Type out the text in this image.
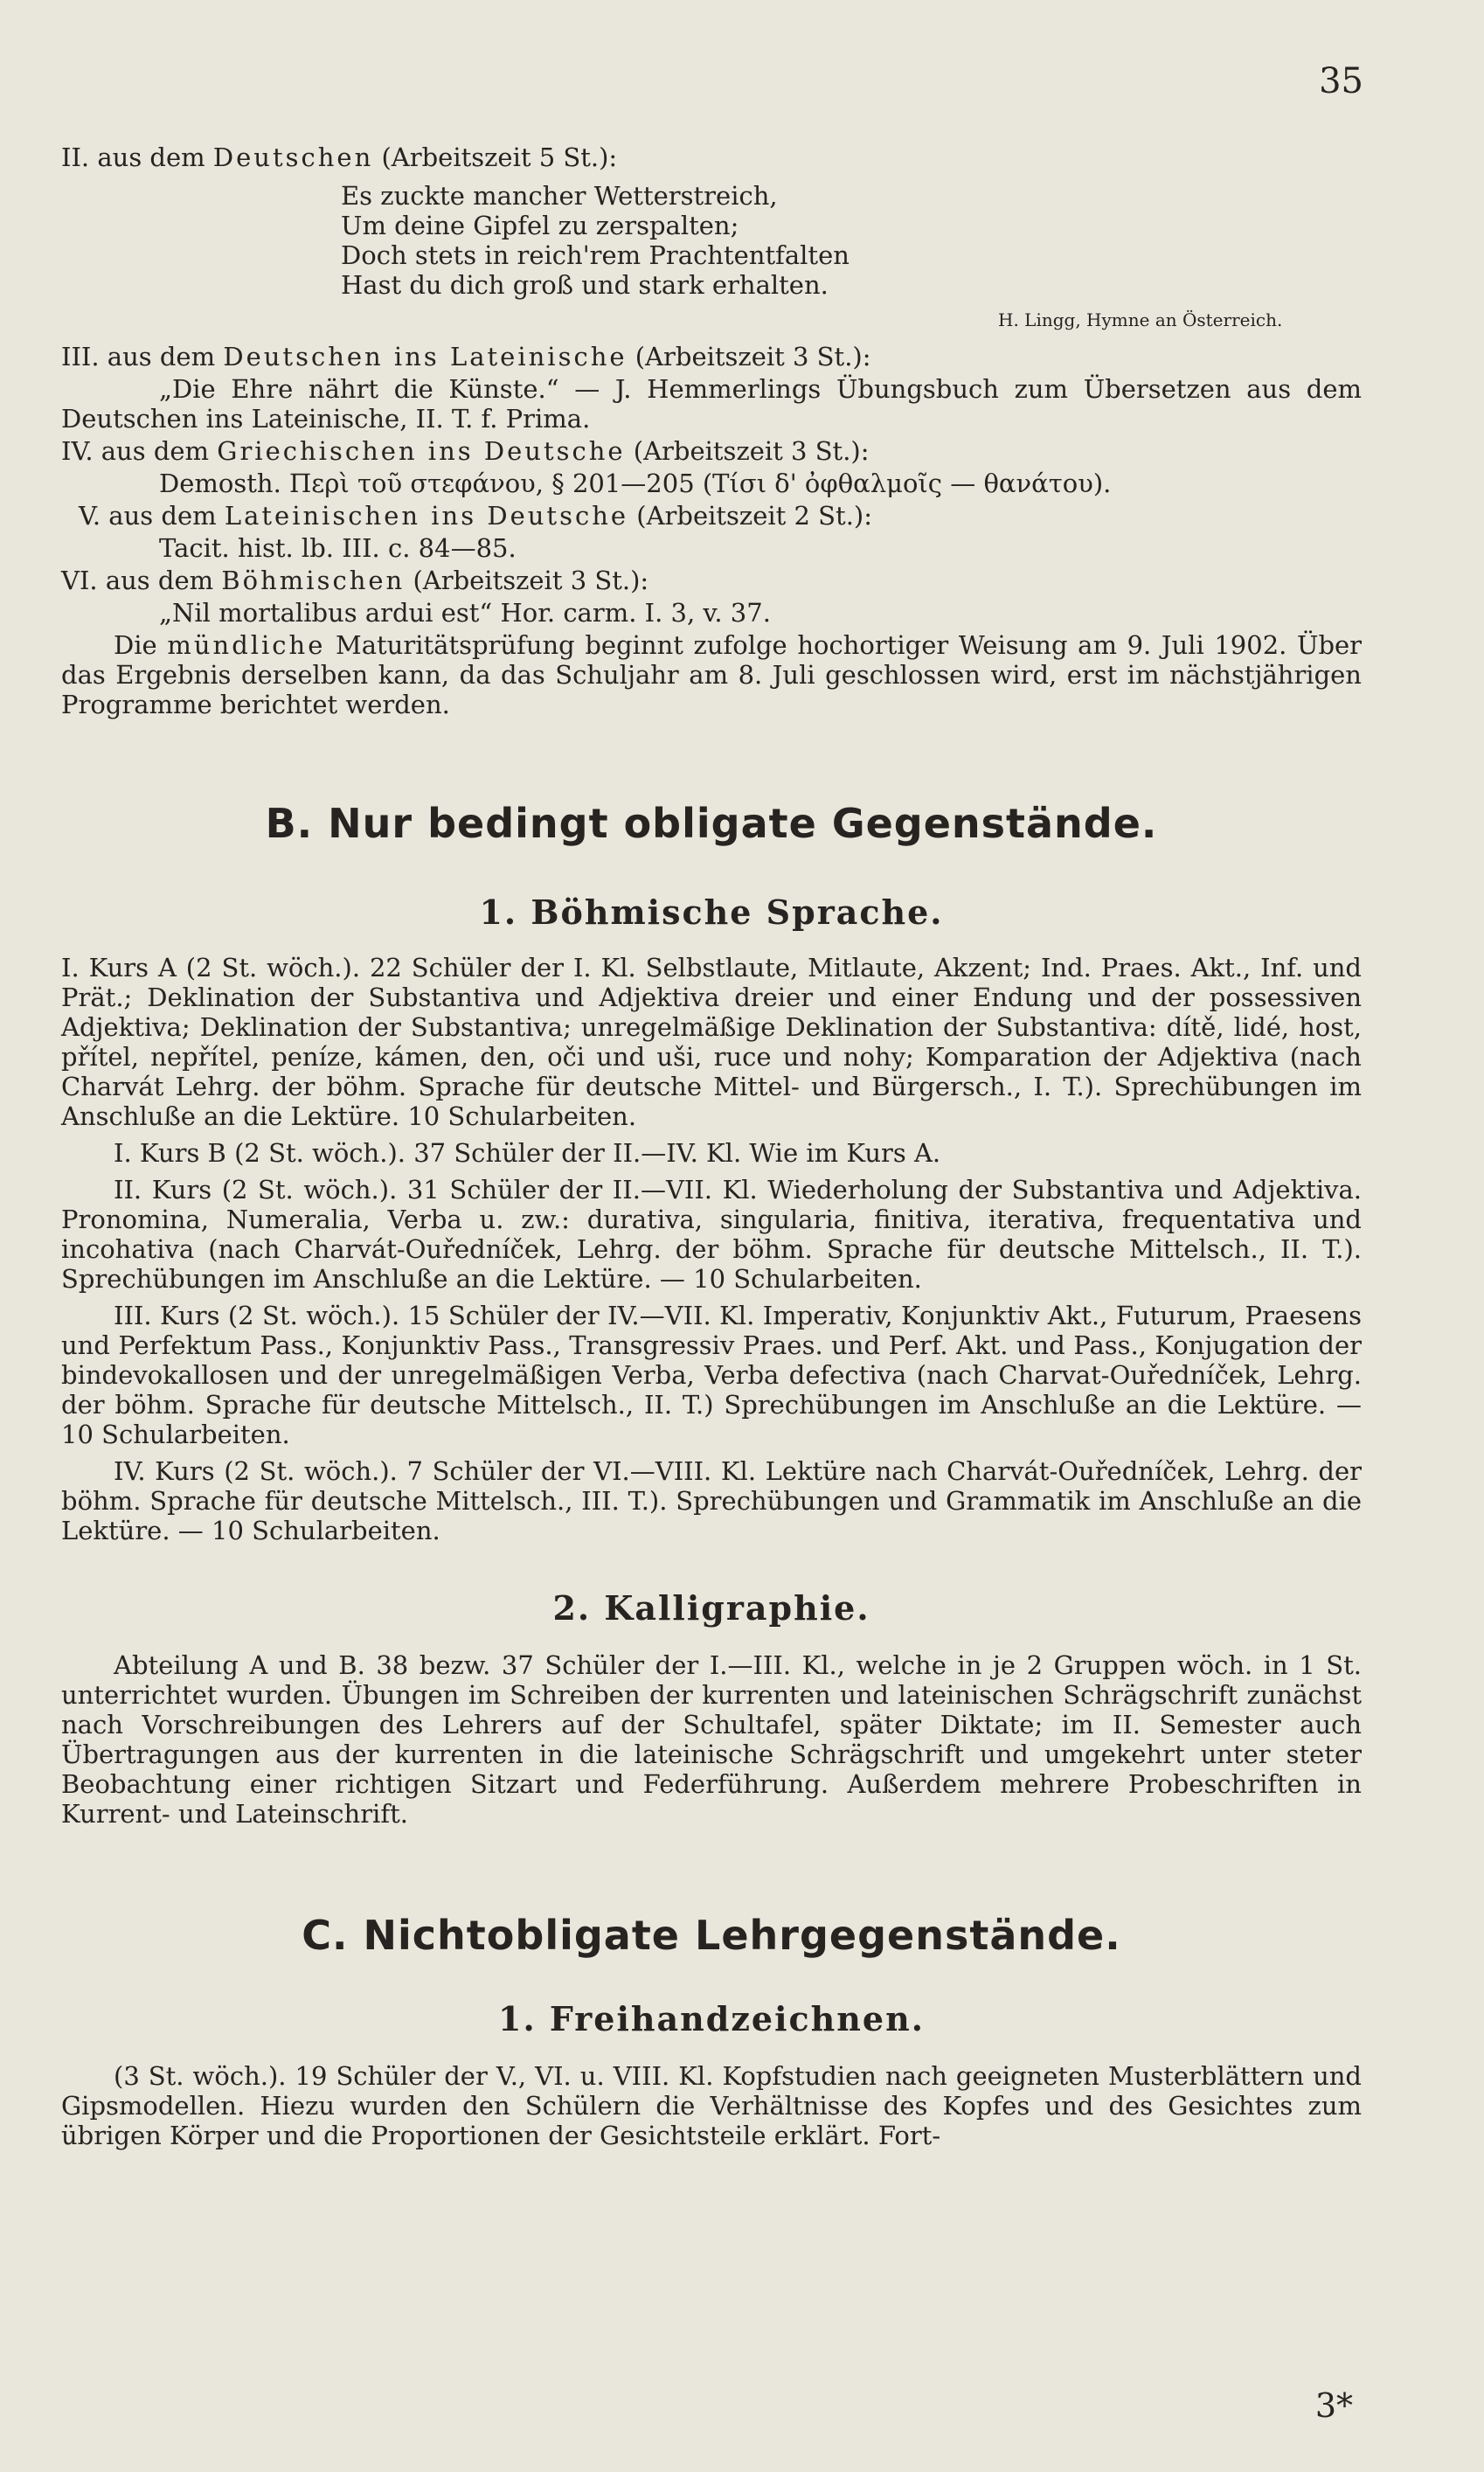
35

II. aus dem Deutschen (Arbeitszeit 5 St.):

Es zuckte mancher Wetterstreich,
Um deine Gipfel zu zerspalten;
Doch stets in reich'rem Prachtentfalten
Hast du dich groß und stark erhalten.
H. Lingg, Hymne an Österreich.

III. aus dem Deutschen ins Lateinische (Arbeitszeit 3 St.):

„Die Ehre nährt die Künste.“ — J. Hemmerlings Übungsbuch zum Übersetzen aus dem Deutschen ins Lateinische, II. T. f. Prima.

IV. aus dem Griechischen ins Deutsche (Arbeitszeit 3 St.):

Demosth. Περὶ τοῦ στεφάνου, § 201—205 (Τίσι δ' ὀφθαλμοῖς — θανάτου).

V. aus dem Lateinischen ins Deutsche (Arbeitszeit 2 St.):

Tacit. hist. lb. III. c. 84—85.

VI. aus dem Böhmischen (Arbeitszeit 3 St.):

„Nil mortalibus ardui est“ Hor. carm. I. 3, v. 37.

Die mündliche Maturitätsprüfung beginnt zufolge hochortiger Weisung am 9. Juli 1902. Über das Ergebnis derselben kann, da das Schuljahr am 8. Juli geschlossen wird, erst im nächstjährigen Programme berichtet werden.

B. Nur bedingt obligate Gegenstände.
1. Böhmische Sprache.

I. Kurs A (2 St. wöch.). 22 Schüler der I. Kl. Selbstlaute, Mitlaute, Akzent; Ind. Praes. Akt., Inf. und Prät.; Deklination der Substantiva und Adjektiva dreier und einer Endung und der possessiven Adjektiva; Deklination der Substantiva; unregelmäßige Deklination der Substantiva: dítě, lidé, host, přítel, nepřítel, peníze, kámen, den, oči und uši, ruce und nohy; Komparation der Adjektiva (nach Charvát Lehrg. der böhm. Sprache für deutsche Mittel- und Bürgersch., I. T.). Sprechübungen im Anschluße an die Lektüre. 10 Schularbeiten.

I. Kurs B (2 St. wöch.). 37 Schüler der II.—IV. Kl. Wie im Kurs A.

II. Kurs (2 St. wöch.). 31 Schüler der II.—VII. Kl. Wiederholung der Substantiva und Adjektiva. Pronomina, Numeralia, Verba u. zw.: durativa, singularia, finitiva, iterativa, frequentativa und incohativa (nach Charvát-Ouředníček, Lehrg. der böhm. Sprache für deutsche Mittelsch., II. T.). Sprechübungen im Anschluße an die Lektüre. — 10 Schularbeiten.

III. Kurs (2 St. wöch.). 15 Schüler der IV.—VII. Kl. Imperativ, Konjunktiv Akt., Futurum, Praesens und Perfektum Pass., Konjunktiv Pass., Transgressiv Praes. und Perf. Akt. und Pass., Konjugation der bindevokallosen und der unregelmäßigen Verba, Verba defectiva (nach Charvat-Ouředníček, Lehrg. der böhm. Sprache für deutsche Mittelsch., II. T.) Sprechübungen im Anschluße an die Lektüre. — 10 Schularbeiten.

IV. Kurs (2 St. wöch.). 7 Schüler der VI.—VIII. Kl. Lektüre nach Charvát-Ouředníček, Lehrg. der böhm. Sprache für deutsche Mittelsch., III. T.). Sprechübungen und Grammatik im Anschluße an die Lektüre. — 10 Schularbeiten.

2. Kalligraphie.

Abteilung A und B. 38 bezw. 37 Schüler der I.—III. Kl., welche in je 2 Gruppen wöch. in 1 St. unterrichtet wurden. Übungen im Schreiben der kurrenten und lateinischen Schrägschrift zunächst nach Vorschreibungen des Lehrers auf der Schultafel, später Diktate; im II. Semester auch Übertragungen aus der kurrenten in die lateinische Schrägschrift und umgekehrt unter steter Beobachtung einer richtigen Sitzart und Federführung. Außerdem mehrere Probeschriften in Kurrent- und Lateinschrift.

C. Nichtobligate Lehrgegenstände.
1. Freihandzeichnen.

(3 St. wöch.). 19 Schüler der V., VI. u. VIII. Kl. Kopfstudien nach geeigneten Musterblättern und Gipsmodellen. Hiezu wurden den Schülern die Verhältnisse des Kopfes und des Gesichtes zum übrigen Körper und die Proportionen der Gesichtsteile erklärt. Fort-

3*
